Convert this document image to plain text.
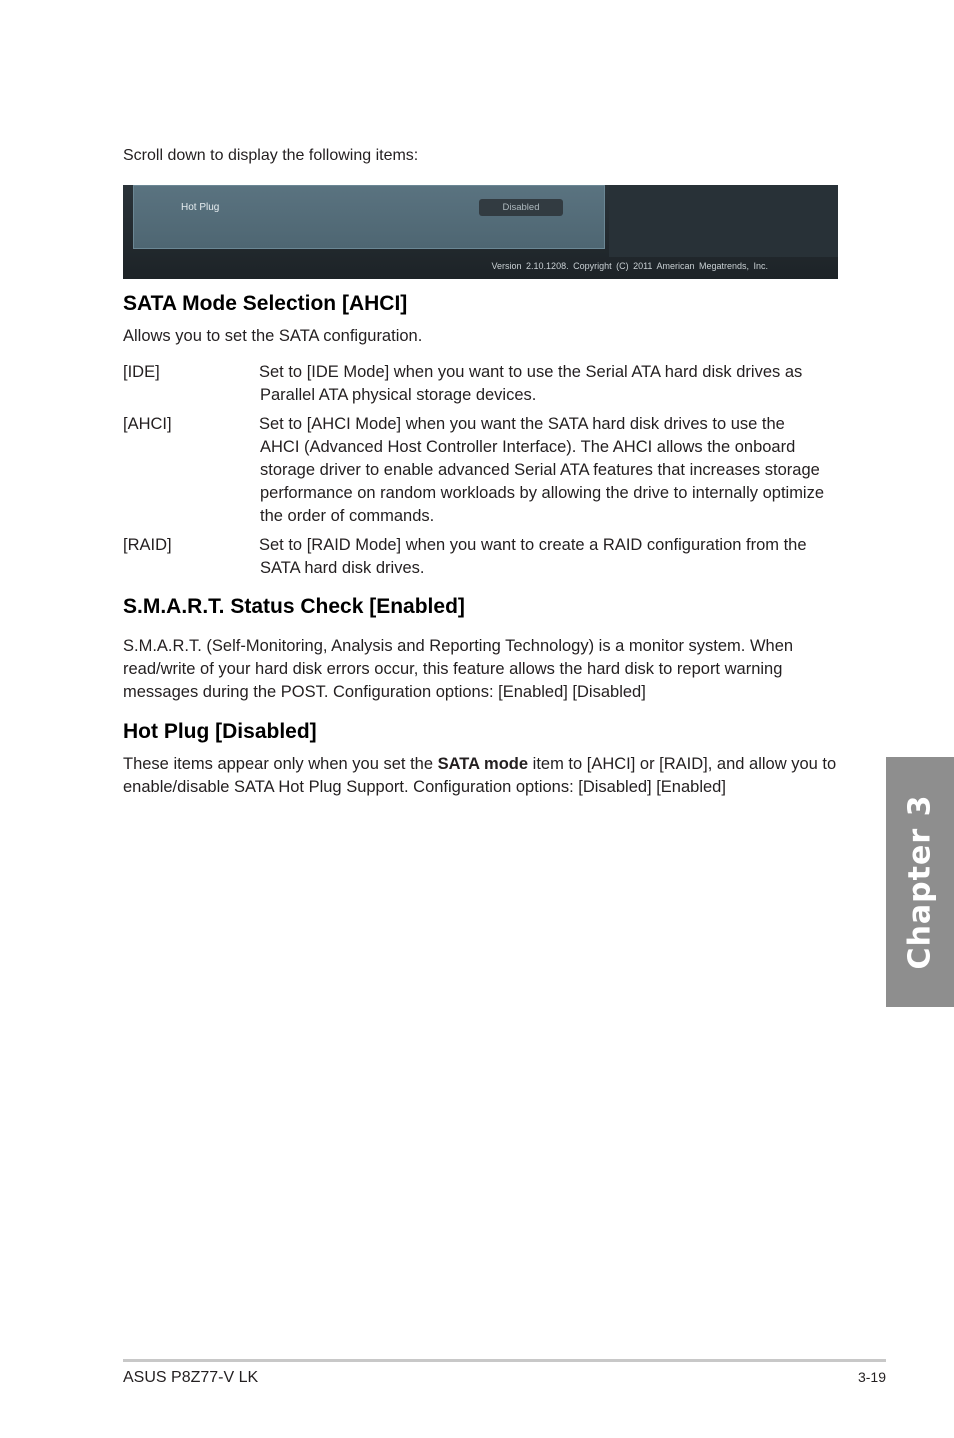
Scroll down to display the following items:
Hot Plug	Disabled
Version 2.10.1208. Copyright (C) 2011 American Megatrends, Inc.
SATA Mode Selection [AHCI]
Allows you to set the SATA configuration.
[IDE]	Set to [IDE Mode] when you want to use the Serial ATA hard disk drives as
Parallel ATA physical storage devices.
[AHCI]	Set to [AHCI Mode] when you want the SATA hard disk drives to use the
AHCI (Advanced Host Controller Interface). The AHCI allows the onboard storage driver to enable advanced Serial ATA features that increases storage performance on random workloads by allowing the drive to internally optimize the order of commands.
[RAID]	Set to [RAID Mode] when you want to create a RAID configuration from the
SATA hard disk drives.
S.M.A.R.T. Status Check [Enabled]
S.M.A.R.T. (Self-Monitoring, Analysis and Reporting Technology) is a monitor system. When read/write of your hard disk errors occur, this feature allows the hard disk to report warning messages during the POST. Configuration options: [Enabled] [Disabled]
Hot Plug [Disabled]
These items appear only when you set the SATA mode item to [AHCI] or [RAID], and allow you to enable/disable SATA Hot Plug Support. Configuration options: [Disabled] [Enabled]
Chapter 3
ASUS P8Z77-V LK	3-19
